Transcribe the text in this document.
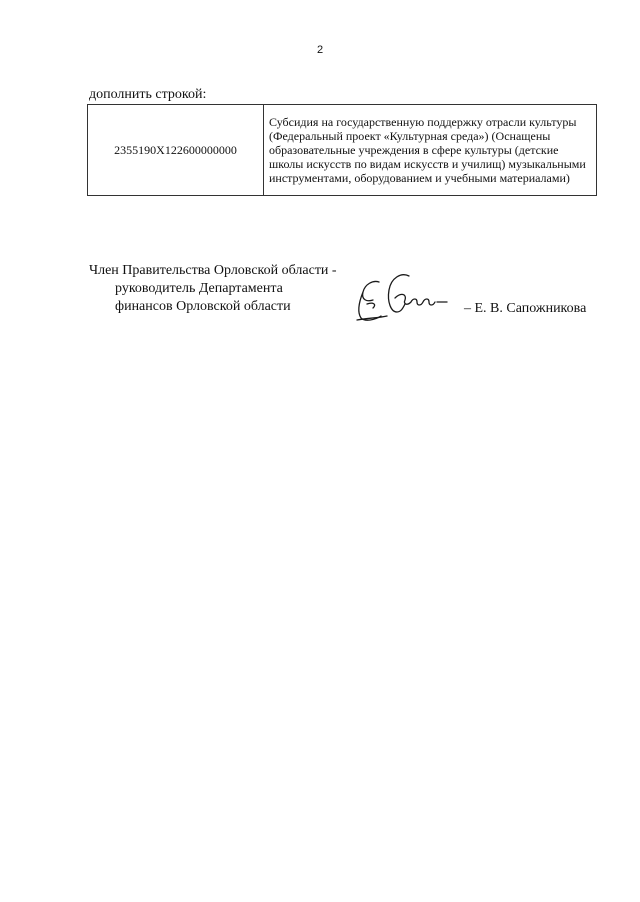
2
дополнить строкой:
2355190X122600000000	Субсидия на государственную поддержку отрасли культуры (Федеральный проект «Культурная среда») (Оснащены образовательные учреждения в сфере культуры (детские школы искусств по видам искусств и училищ) музыкальными инструментами, оборудованием и учебными материалами)
Член Правительства Орловской области -
руководитель Департамента
финансов Орловской области	– Е. В. Сапожникова
